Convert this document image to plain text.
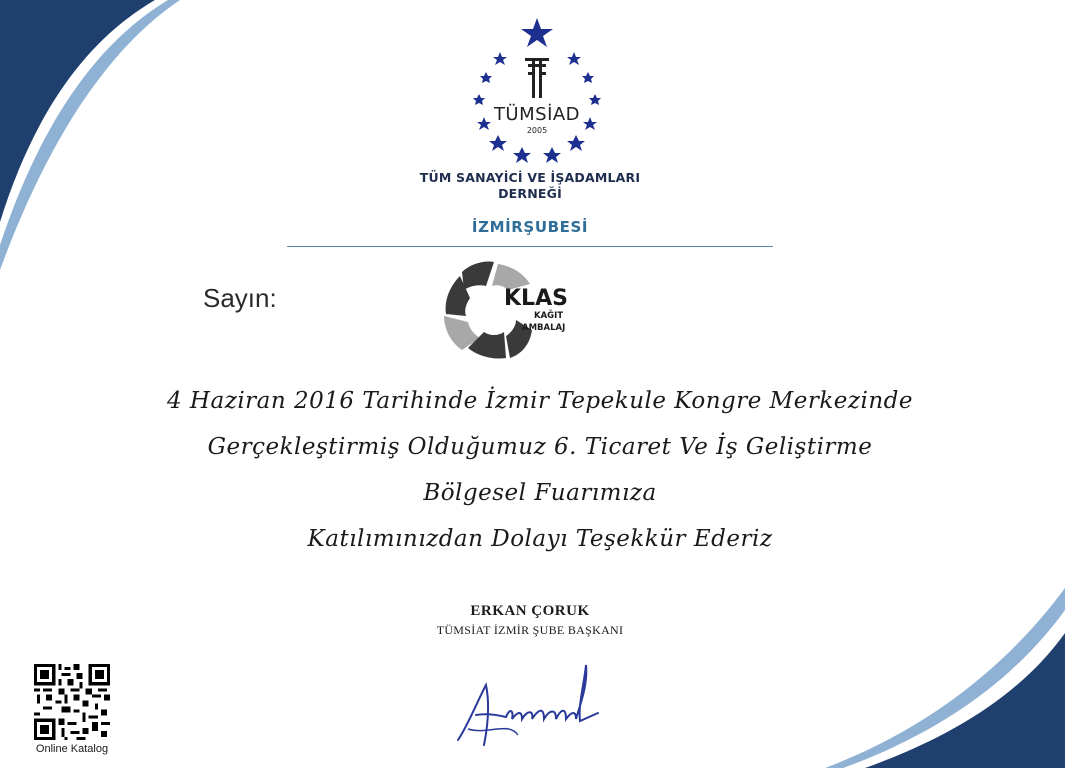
TÜMSİAD
2005
TÜM SANAYİCİ VE İŞADAMLARI
DERNEĞİ
İZMİRŞUBESİ
Sayın:	KLAS
KAĞIT
AMBALAJ
4 Haziran 2016 Tarihinde İzmir Tepekule Kongre Merkezinde
Gerçekleştirmiş Olduğumuz 6. Ticaret Ve İş Geliştirme
Bölgesel Fuarımıza
Katılımınızdan Dolayı Teşekkür Ederiz
ERKAN ÇORUK
TÜMSİAT İZMİR ŞUBE BAŞKANI
Online Katalog
